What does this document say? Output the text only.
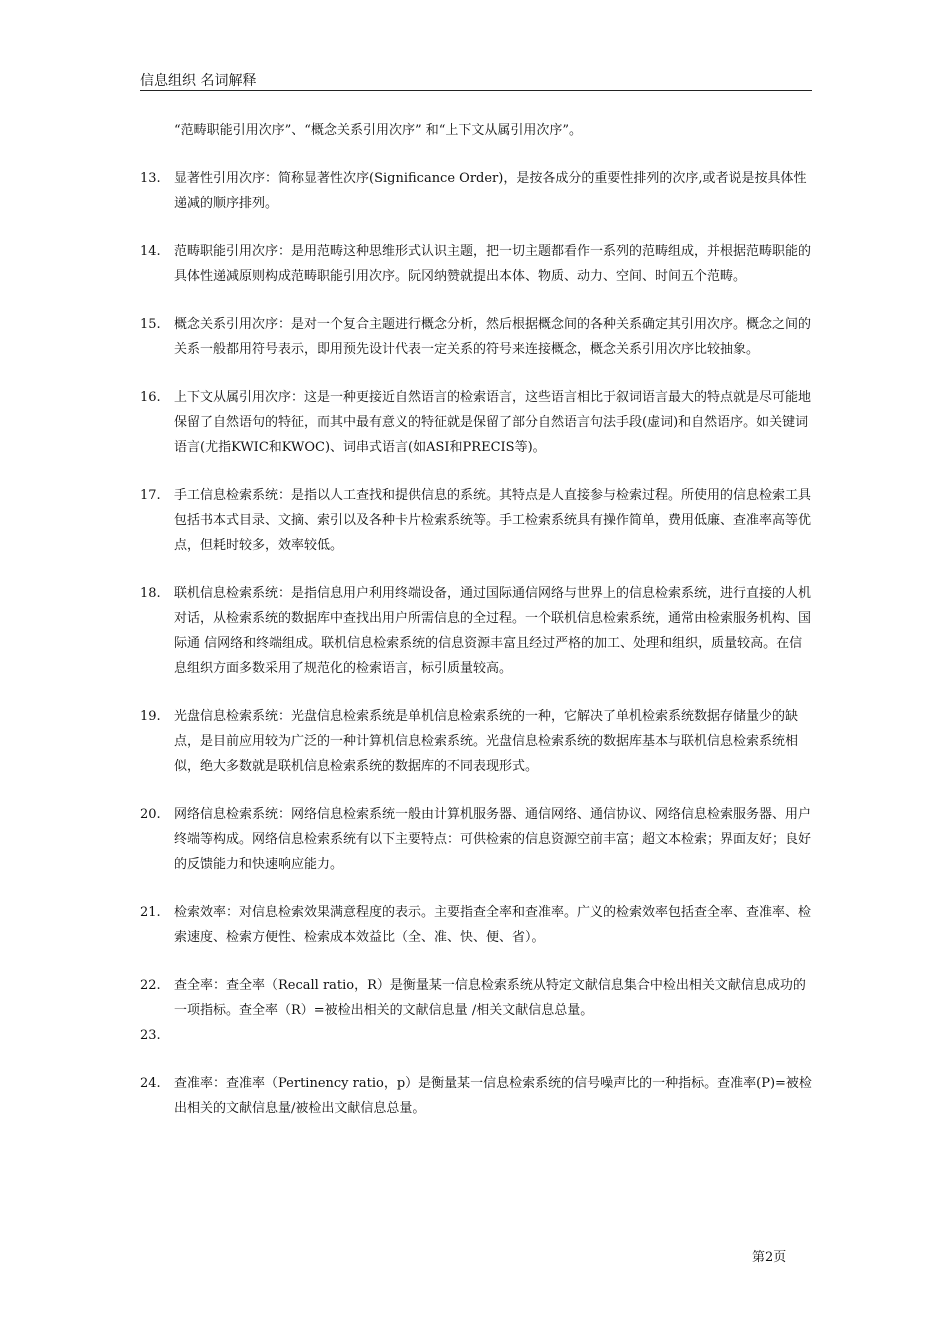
信息组织 名词解释

“范畴职能引用次序”、“概念关系引用次序” 和“上下文从属引用次序”。

13. 显著性引用次序：简称显著性次序(Significance Order)，是按各成分的重要性排列的次序,或者说是按具体性递减的顺序排列。
14. 范畴职能引用次序：是用范畴这种思维形式认识主题，把一切主题都看作一系列的范畴组成，并根据范畴职能的具体性递减原则构成范畴职能引用次序。阮冈纳赞就提出本体、物质、动力、空间、时间五个范畴。
15. 概念关系引用次序：是对一个复合主题进行概念分析，然后根据概念间的各种关系确定其引用次序。概念之间的关系一般都用符号表示，即用预先设计代表一定关系的符号来连接概念，概念关系引用次序比较抽象。
16. 上下文从属引用次序：这是一种更接近自然语言的检索语言，这些语言相比于叙词语言最大的特点就是尽可能地保留了自然语句的特征，而其中最有意义的特征就是保留了部分自然语言句法手段(虚词)和自然语序。如关键词语言(尤指KWIC和KWOC)、词串式语言(如ASI和PRECIS等)。
17. 手工信息检索系统：是指以人工查找和提供信息的系统。其特点是人直接参与检索过程。所使用的信息检索工具包括书本式目录、文摘、索引以及各种卡片检索系统等。手工检索系统具有操作简单，费用低廉、查准率高等优点，但耗时较多，效率较低。
18. 联机信息检索系统：是指信息用户利用终端设备，通过国际通信网络与世界上的信息检索系统，进行直接的人机对话，从检索系统的数据库中查找出用户所需信息的全过程。一个联机信息检索系统，通常由检索服务机构、国际通 信网络和终端组成。联机信息检索系统的信息资源丰富且经过严格的加工、处理和组织，质量较高。在信息组织方面多数采用了规范化的检索语言，标引质量较高。
19. 光盘信息检索系统：光盘信息检索系统是单机信息检索系统的一种，它解决了单机检索系统数据存储量少的缺点，是目前应用较为广泛的一种计算机信息检索系统。光盘信息检索系统的数据库基本与联机信息检索系统相似，绝大多数就是联机信息检索系统的数据库的不同表现形式。
20. 网络信息检索系统：网络信息检索系统一般由计算机服务器、通信网络、通信协议、网络信息检索服务器、用户终端等构成。网络信息检索系统有以下主要特点：可供检索的信息资源空前丰富；超文本检索；界面友好；良好的反馈能力和快速响应能力。
21. 检索效率：对信息检索效果满意程度的表示。主要指查全率和查准率。广义的检索效率包括查全率、查准率、检索速度、检索方便性、检索成本效益比（全、准、快、便、省）。
22. 查全率：查全率（Recall ratio，R）是衡量某一信息检索系统从特定文献信息集合中检出相关文献信息成功的一项指标。查全率（R）=被检出相关的文献信息量 /相关文献信息总量。
23.
24. 查准率：查准率（Pertinency ratio，p）是衡量某一信息检索系统的信号噪声比的一种指标。查准率(P)=被检出相关的文献信息量/被检出文献信息总量。
第2页
